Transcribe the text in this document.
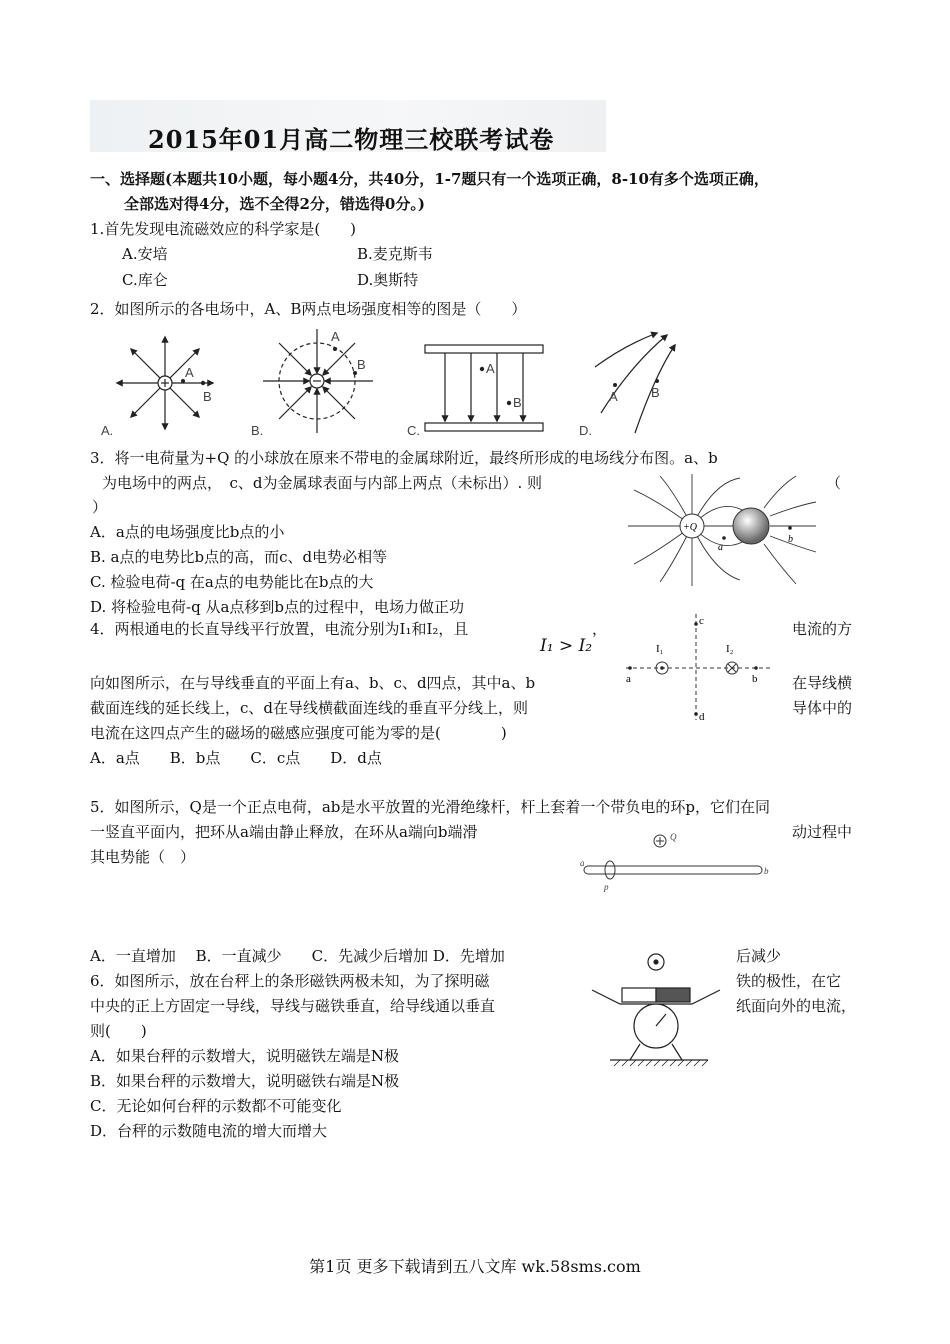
2015年01月高二物理三校联考试卷
一、选择题(本题共10小题，每小题4分，共40分，1-7题只有一个选项正确，8-10有多个选项正确，
全部选对得4分，选不全得2分，错选得0分。)
1.首先发现电流磁效应的科学家是(　　)
A.安培	B.麦克斯韦
C.库仑	D.奥斯特
2．如图所示的各电场中，A、B两点电场强度相等的图是（　　）
A
B
A.
A
B
B.
A
B
C.
A	B
D.
3．将一电荷量为+Q 的小球放在原来不带电的金属球附近，最终所形成的电场线分布图。a、b
为电场中的两点，　c、d为金属球表面与内部上两点（未标出）. 则	（
）
A．a点的电场强度比b点的小
B. a点的电势比b点的高，而c、d电势必相等
C. 检验电荷-q 在a点的电势能比在b点的大
D. 将检验电荷-q 从a点移到b点的过程中，电场力做正功
+Q
a
b
4．两根通电的长直导线平行放置，电流分别为I₁和I₂，且
I₁ > I₂
，	电流的方
向如图所示，在与导线垂直的平面上有a、b、c、d四点，其中a、b	在导线横
截面连线的延长线上，c、d在导线横截面连线的垂直平分线上，则	导体中的
电流在这四点产生的磁场的磁感应强度可能为零的是(　　　　)
A．a点　　B．b点　　C．c点　　D．d点
a	b
c
d
I₁	I₂
5．如图所示，Q是一个正点电荷，ab是水平放置的光滑绝缘杆，杆上套着一个带负电的环p，它们在同
一竖直平面内，把环从a端由静止释放，在环从a端向b端滑	动过程中
其电势能（　）
Q
a
b
p
A．一直增加　 B．一直减少　　C．先减少后增加 D．先增加	后减少
6．如图所示，放在台秤上的条形磁铁两极未知，为了探明磁	铁的极性，在它
中央的正上方固定一导线，导线与磁铁垂直，给导线通以垂直	纸面向外的电流，
则(　　)
A．如果台秤的示数增大，说明磁铁左端是N极
B．如果台秤的示数增大，说明磁铁右端是N极
C．无论如何台秤的示数都不可能变化
D．台秤的示数随电流的增大而增大
第1页 更多下载请到五八文库 wk.58sms.com
